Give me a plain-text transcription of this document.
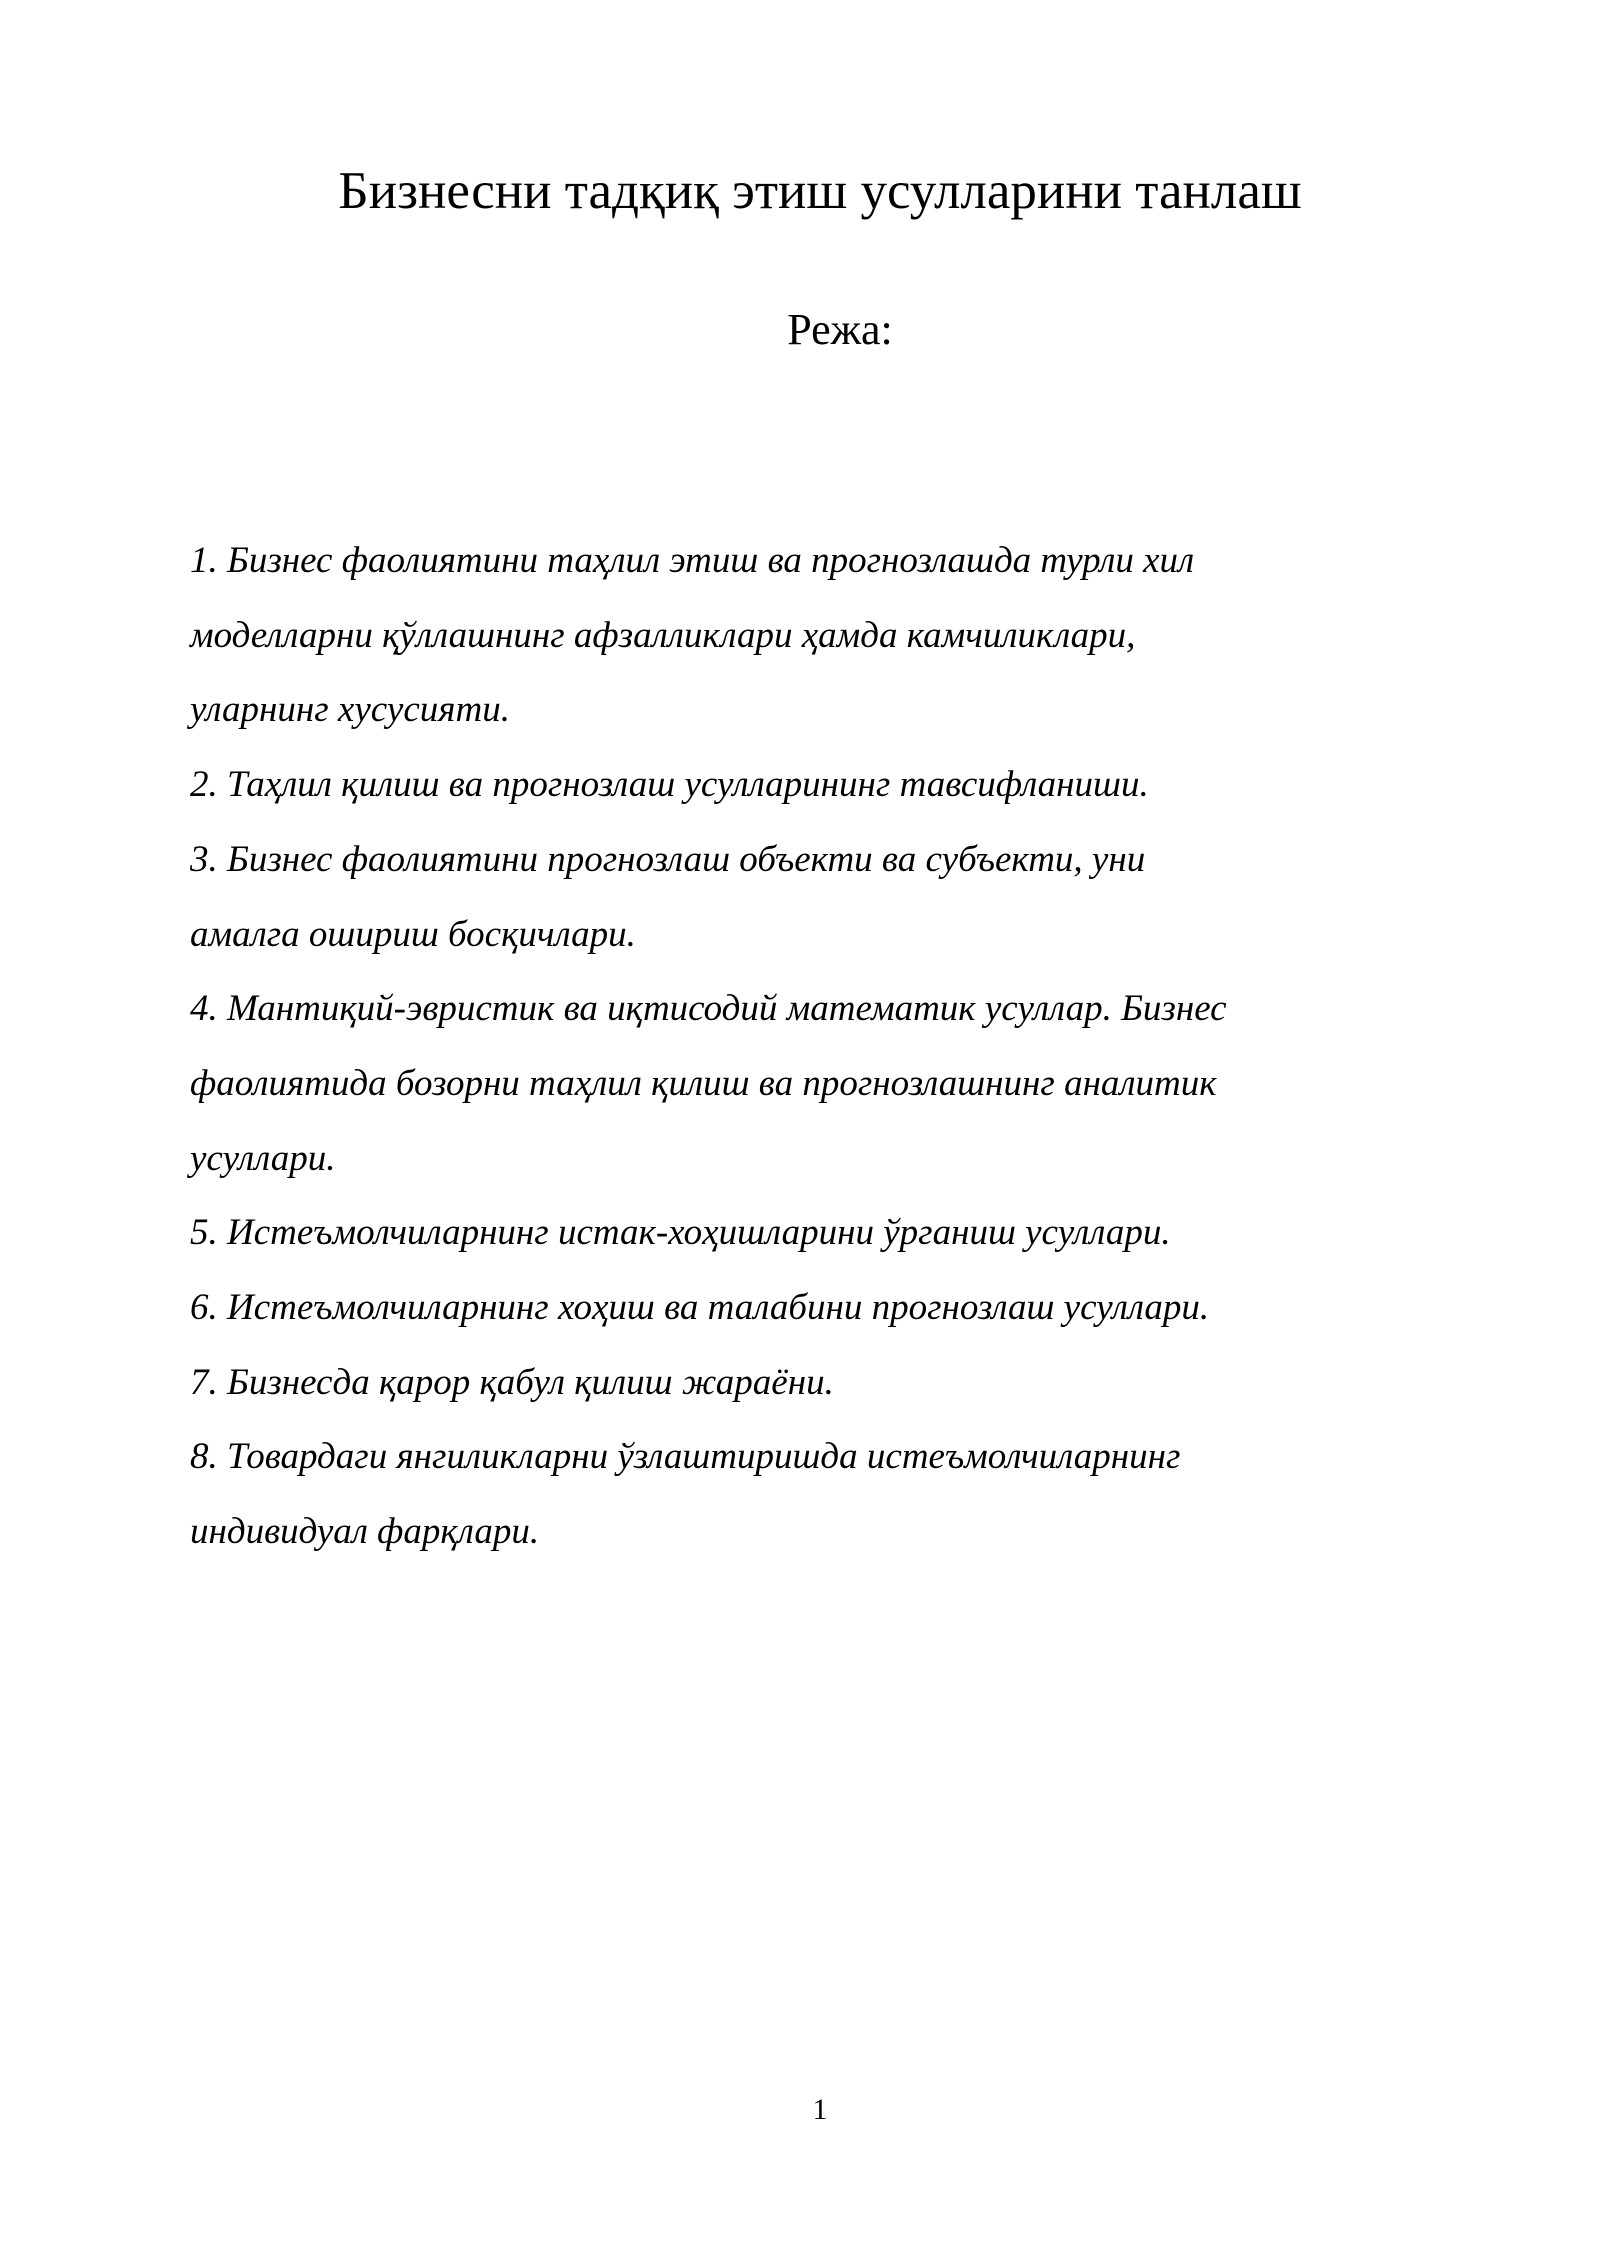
Бизнесни тадқиқ этиш усулларини танлаш
Режа:
1. Бизнес фаолиятини таҳлил этиш ва прогнозлашда турли хил
моделларни қўллашнинг афзалликлари ҳамда камчиликлари,
уларнинг хусусияти.
2. Таҳлил қилиш ва прогнозлаш усулларининг тавсифланиши.
3. Бизнес фаолиятини прогнозлаш объекти ва субъекти, уни
амалга ошириш босқичлари.
4. Мантиқий-эвристик ва иқтисодий математик усуллар. Бизнес
фаолиятида бозорни таҳлил қилиш ва прогнозлашнинг аналитик
усуллари.
5. Истеъмолчиларнинг истак-хоҳишларини ўрганиш усуллари.
6. Истеъмолчиларнинг хоҳиш ва талабини прогнозлаш усуллари.
7. Бизнесда қарор қабул қилиш жараёни.
8. Товардаги янгиликларни ўзлаштиришда истеъмолчиларнинг
индивидуал фарқлари.
1
